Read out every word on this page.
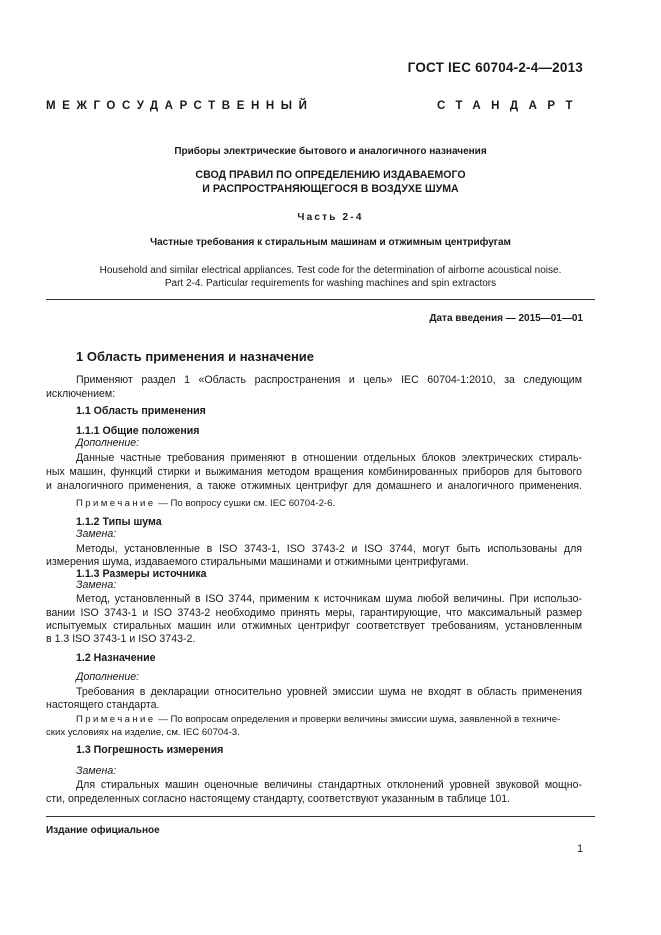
ГОСТ IEC 60704-2-4—2013
МЕЖГОСУДАРСТВЕННЫЙ	СТАНДАРТ
Приборы электрические бытового и аналогичного назначения
СВОД ПРАВИЛ ПО ОПРЕДЕЛЕНИЮ ИЗДАВАЕМОГО
И РАСПРОСТРАНЯЮЩЕГОСЯ В ВОЗДУХЕ ШУМА
Часть 2-4
Частные требования к стиральным машинам и отжимным центрифугам
Household and similar electrical appliances. Test code for the determination of airborne acoustical noise.
Part 2-4. Particular requirements for washing machines and spin extractors
Дата введения — 2015—01—01
1 Область применения и назначение
Применяют раздел 1 «Область распространения и цель» IEC 60704-1:2010, за следующим
исключением:
1.1 Область применения
1.1.1 Общие положения
Дополнение:
Данные частные требования применяют в отношении отдельных блоков электрических стираль-
ных машин, функций стирки и выжимания методом вращения комбинированных приборов для бытового
и аналогичного применения, а также отжимных центрифуг для домашнего и аналогичного применения.
Примечание — По вопросу сушки см. IEC 60704-2-6.
1.1.2 Типы шума
Замена:
Методы, установленные в ISO 3743-1, ISO 3743-2 и ISO 3744, могут быть использованы для
измерения шума, издаваемого стиральными машинами и отжимными центрифугами.
1.1.3 Размеры источника
Замена:
Метод, установленный в ISO 3744, применим к источникам шума любой величины. При использо-
вании ISO 3743-1 и ISO 3743-2 необходимо принять меры, гарантирующие, что максимальный размер
испытуемых стиральных машин или отжимных центрифуг соответствует требованиям, установленным
в 1.3 ISO 3743-1 и ISO 3743-2.
1.2 Назначение
Дополнение:
Требования в декларации относительно уровней эмиссии шума не входят в область применения
настоящего стандарта.
Примечание — По вопросам определения и проверки величины эмиссии шума, заявленной в техниче-
ских условиях на изделие, см. IEC 60704-3.
1.3 Погрешность измерения
Замена:
Для стиральных машин оценочные величины стандартных отклонений уровней звуковой мощно-
сти, определенных согласно настоящему стандарту, соответствуют указанным в таблице 101.
Издание официальное
1
